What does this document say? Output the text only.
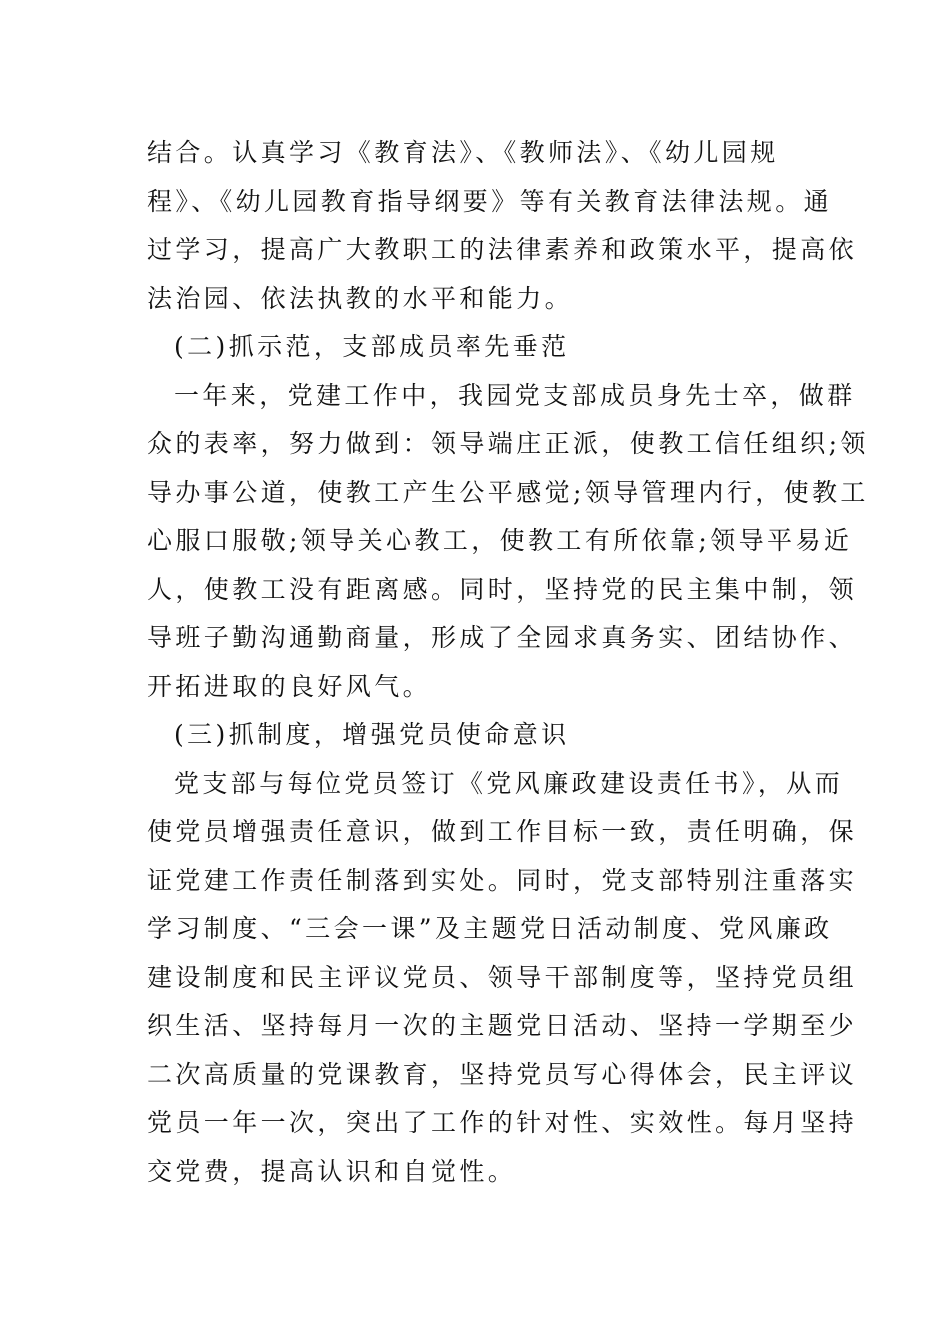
结合。认真学习《教育法》、《教师法》、《幼儿园规
程》、《幼儿园教育指导纲要》等有关教育法律法规。通
过学习，提高广大教职工的法律素养和政策水平，提高依
法治园、依法执教的水平和能力。
(二)抓示范，支部成员率先垂范
一年来，党建工作中，我园党支部成员身先士卒，做群
众的表率，努力做到：领导端庄正派，使教工信任组织;领
导办事公道，使教工产生公平感觉;领导管理内行，使教工
心服口服敬;领导关心教工，使教工有所依靠;领导平易近
人，使教工没有距离感。同时，坚持党的民主集中制，领
导班子勤沟通勤商量，形成了全园求真务实、团结协作、
开拓进取的良好风气。
(三)抓制度，增强党员使命意识
党支部与每位党员签订《党风廉政建设责任书》，从而
使党员增强责任意识，做到工作目标一致，责任明确，保
证党建工作责任制落到实处。同时，党支部特别注重落实
学习制度、“三会一课”及主题党日活动制度、党风廉政
建设制度和民主评议党员、领导干部制度等，坚持党员组
织生活、坚持每月一次的主题党日活动、坚持一学期至少
二次高质量的党课教育，坚持党员写心得体会，民主评议
党员一年一次，突出了工作的针对性、实效性。每月坚持
交党费，提高认识和自觉性。
